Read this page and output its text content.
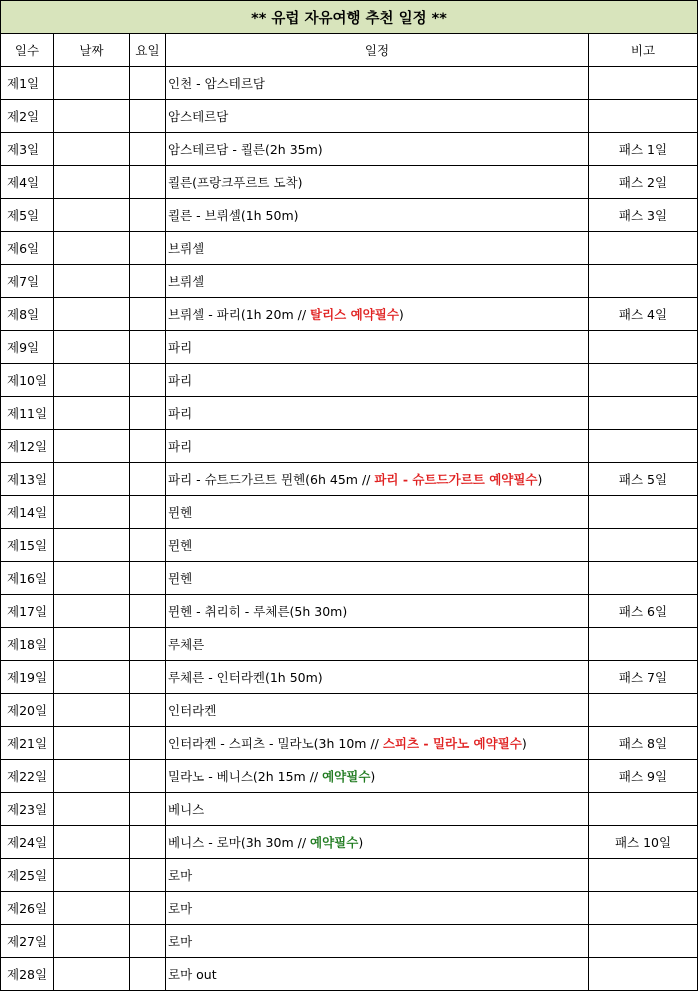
** 유럽 자유여행 추천 일정 **				
일수	날짜	요일	일정	비고
제1일			인천 - 암스테르담	
제2일			암스테르담	
제3일			암스테르담 - 쾰른(2h 35m)	패스 1일
제4일			쾰른(프랑크푸르트 도착)	패스 2일
제5일			쾰른 - 브뤼셀(1h 50m)	패스 3일
제6일			브뤼셀	
제7일			브뤼셀	
제8일			브뤼셀 - 파리(1h 20m // 탈리스 예약필수)	패스 4일
제9일			파리	
제10일			파리	
제11일			파리	
제12일			파리	
제13일			파리 - 슈트드가르트 뮌헨(6h 45m // 파리 - 슈트드가르트 예약필수)	패스 5일
제14일			뮌헨	
제15일			뮌헨	
제16일			뮌헨	
제17일			뮌헨 - 취리히 - 루체른(5h 30m)	패스 6일
제18일			루체른	
제19일			루체른 - 인터라켄(1h 50m)	패스 7일
제20일			인터라켄	
제21일			인터라켄 - 스피츠 - 밀라노(3h 10m // 스피츠 - 밀라노 예약필수)	패스 8일
제22일			밀라노 - 베니스(2h 15m // 예약필수)	패스 9일
제23일			베니스	
제24일			베니스 - 로마(3h 30m // 예약필수)	패스 10일
제25일			로마	
제26일			로마	
제27일			로마	
제28일			로마 out	
